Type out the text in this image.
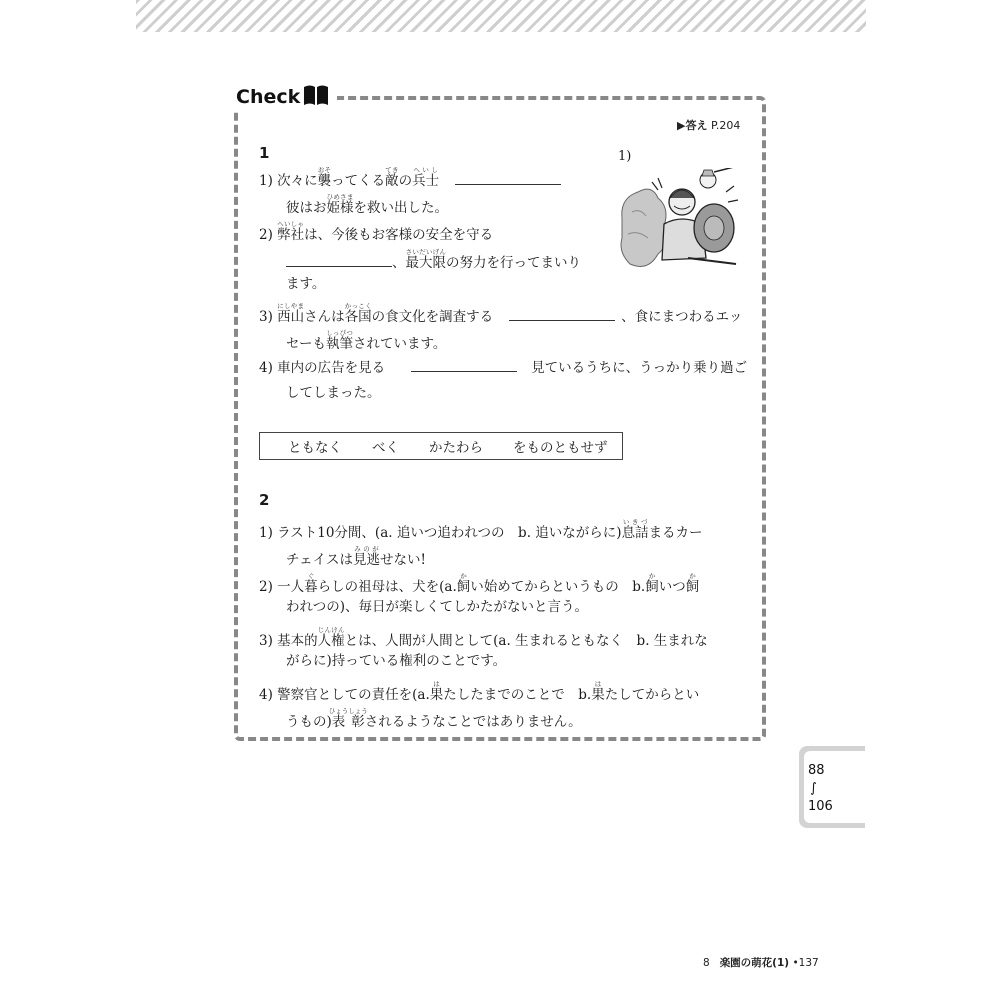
Check
▶答え P.204
1	1)
1) 次々に襲おそってくる敵てきの兵士へいし
彼はお姫様ひめさまを救い出した。
2) 弊社へいしゃは、今後もお客様の安全を守る
、最大限さいだいげんの努力を行ってまいり
ます。
3) 西山にしやまさんは各国かっこくの食文化を調査する	、食にまつわるエッ
セーも執筆しっぴつされています。
4) 車内の広告を見る	見ているうちに、うっかり乗り過ご
してしまった。
ともなく べく かたわら をものともせず
2
1) ラスト10分間、(a. 追いつ追われつの　b. 追いながらに)息詰いきづまるカー
チェイスは見逃みのがせない!
2) 一人暮ぐらしの祖母は、犬を(a.飼かい始めてからというもの　b.飼かいつ飼か
われつの)、毎日が楽しくてしかたがないと言う。
3) 基本的人権じんけんとは、人間が人間として(a. 生まれるともなく　b. 生まれな
がらに)持っている権利のことです。
4) 警察官としての責任を(a.果はたしたまでのことで　b.果はたしてからとい
うもの)表彰ひょうしょうされるようなことではありません。
88
∫
106
8 楽園の萌花(1) •137
